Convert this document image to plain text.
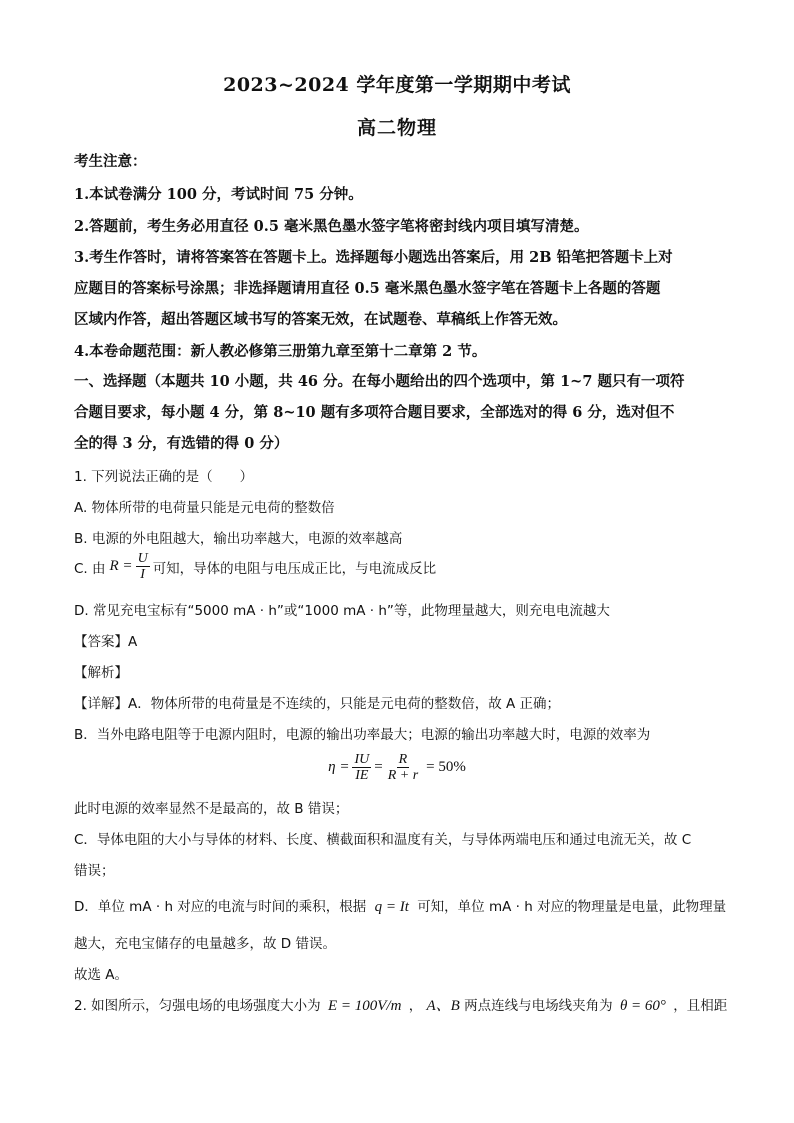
2023~2024 学年度第一学期期中考试
高二物理
考生注意：
1.本试卷满分 100 分，考试时间 75 分钟。
2.答题前，考生务必用直径 0.5 毫米黑色墨水签字笔将密封线内项目填写清楚。
3.考生作答时，请将答案答在答题卡上。选择题每小题选出答案后，用 2B 铅笔把答题卡上对
应题目的答案标号涂黑；非选择题请用直径 0.5 毫米黑色墨水签字笔在答题卡上各题的答题
区域内作答，超出答题区域书写的答案无效，在试题卷、草稿纸上作答无效。
4.本卷命题范围：新人教必修第三册第九章至第十二章第 2 节。
一、选择题（本题共 10 小题，共 46 分。在每小题给出的四个选项中，第 1~7 题只有一项符
合题目要求，每小题 4 分，第 8~10 题有多项符合题目要求，全部选对的得 6 分，选对但不
全的得 3 分，有选错的得 0 分）
1. 下列说法正确的是（　　）
A. 物体所带的电荷量只能是元电荷的整数倍
B. 电源的外电阻越大，输出功率越大，电源的效率越高
C. 由 $R = \frac{U}{I}$ 可知，导体的电阻与电压成正比，与电流成反比
D. 常见充电宝标有“5000 mA · h”或“1000 mA · h”等，此物理量越大，则充电电流越大
【答案】A
【解析】
【详解】A．物体所带的电荷量是不连续的，只能是元电荷的整数倍，故 A 正确；
B．当外电路电阻等于电源内阻时，电源的输出功率最大；电源的输出功率越大时，电源的效率为
$\eta = \frac{IU}{IE} = \frac{R}{R + r} = 50\%$
此时电源的效率显然不是最高的，故 B 错误；
C．导体电阻的大小与导体的材料、长度、横截面积和温度有关，与导体两端电压和通过电流无关，故 C
错误；
D．单位 mA · h 对应的电流与时间的乘积，根据 q = It 可知，单位 mA · h 对应的物理量是电量，此物理量
越大，充电宝储存的电量越多，故 D 错误。
故选 A。
2. 如图所示，匀强电场的电场强度大小为 E = 100V/m ， A、B 两点连线与电场线夹角为 θ = 60° ，且相距
